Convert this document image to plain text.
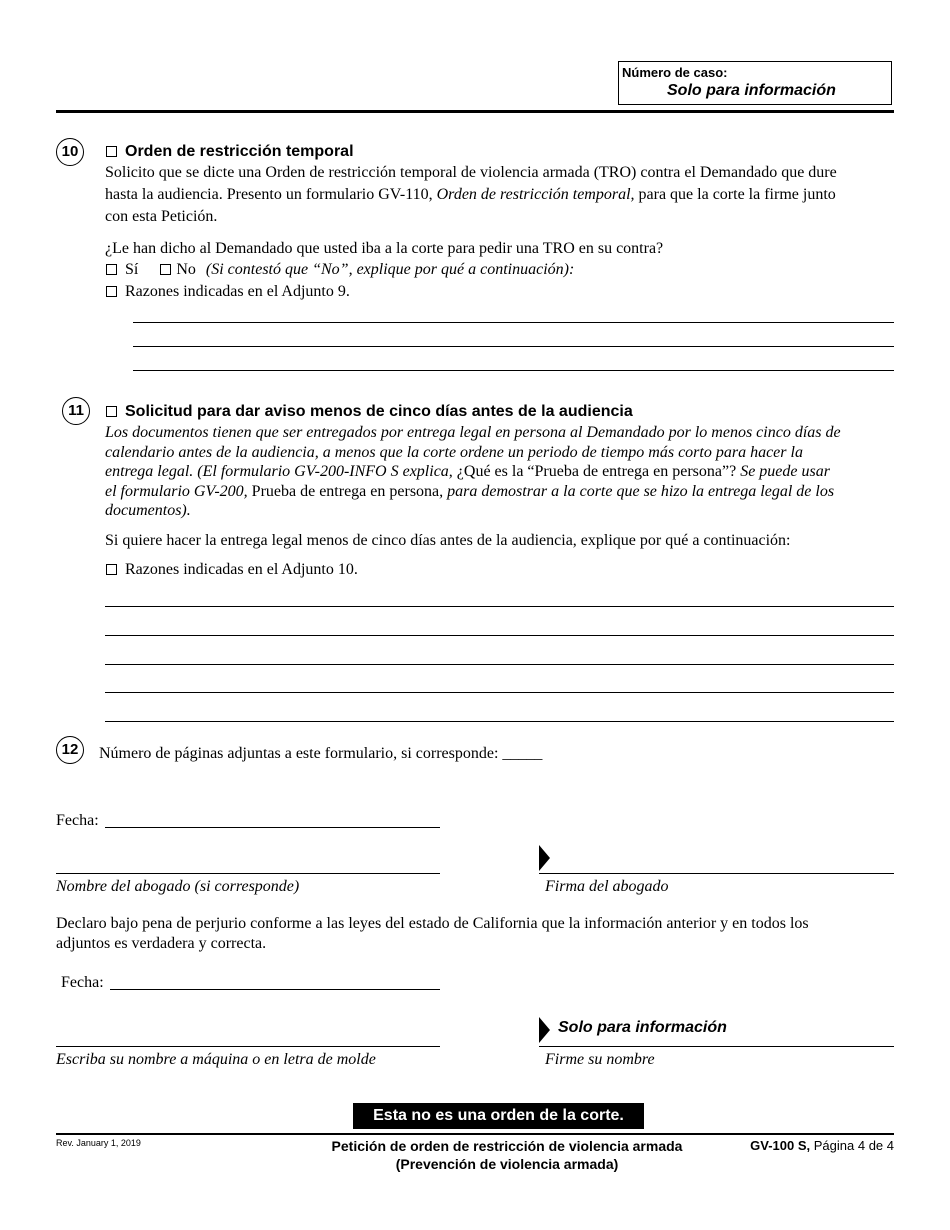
Número de caso:
Solo para información
10	Orden de restricción temporal
Solicito que se dicte una Orden de restricción temporal de violencia armada (TRO) contra el Demandado que dure
hasta la audiencia. Presento un formulario GV-110, Orden de restricción temporal, para que la corte la firme junto
con esta Petición.
¿Le han dicho al Demandado que usted iba a la corte para pedir una TRO en su contra?
Sí No (Si contestó que “No”, explique por qué a continuación):
Razones indicadas en el Adjunto 9.
11	Solicitud para dar aviso menos de cinco días antes de la audiencia
Los documentos tienen que ser entregados por entrega legal en persona al Demandado por lo menos cinco días de
calendario antes de la audiencia, a menos que la corte ordene un periodo de tiempo más corto para hacer la
entrega legal. (El formulario GV-200-INFO S explica, ¿Qué es la “Prueba de entrega en persona”? Se puede usar
el formulario GV-200, Prueba de entrega en persona, para demostrar a la corte que se hizo la entrega legal de los
documentos).
Si quiere hacer la entrega legal menos de cinco días antes de la audiencia, explique por qué a continuación:
Razones indicadas en el Adjunto 10.
12	Número de páginas adjuntas a este formulario, si corresponde: _____
Fecha:
Nombre del abogado (si corresponde)	Firma del abogado
Declaro bajo pena de perjurio conforme a las leyes del estado de California que la información anterior y en todos los
adjuntos es verdadera y correcta.
Fecha:
Solo para información
Escriba su nombre a máquina o en letra de molde	Firme su nombre
Esta no es una orden de la corte.
Rev. January 1, 2019	Petición de orden de restricción de violencia armada
(Prevención de violencia armada)
GV-100 S, Página 4 de 4
